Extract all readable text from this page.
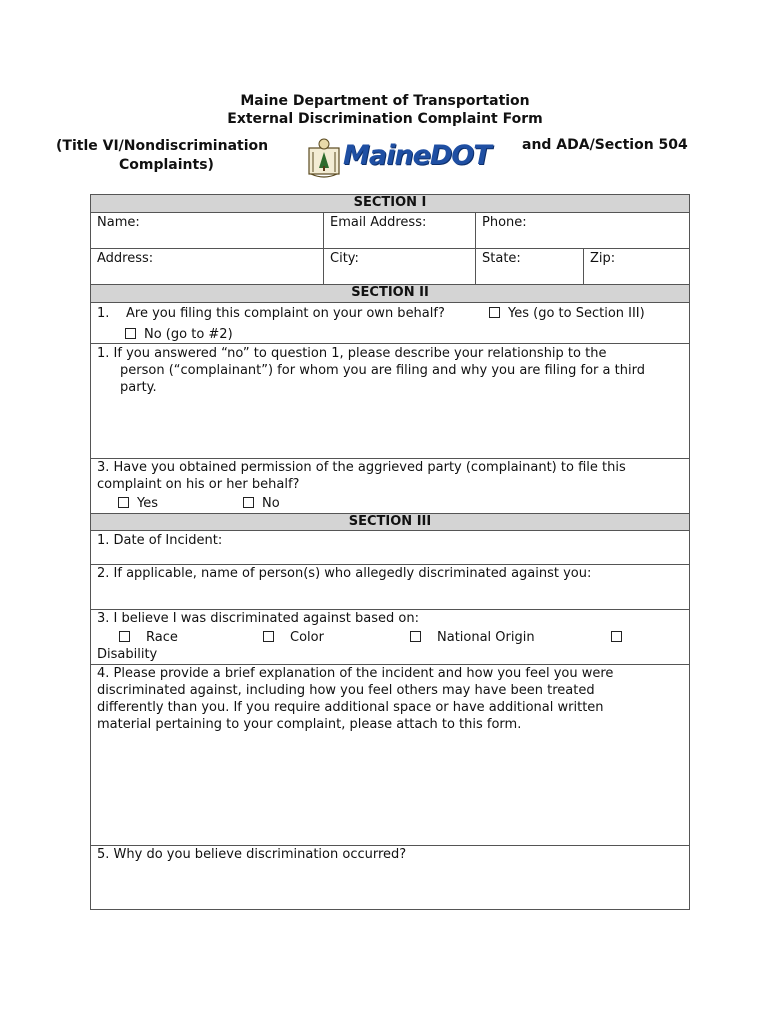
Maine Department of Transportation
External Discrimination Complaint Form
(Title VI/Nondiscrimination
Complaints)
and ADA/Section 504
MaineDOT
SECTION I
Name:	Email Address:	Phone:
Address:	City:	State:	Zip:
SECTION II
1. Are you filing this complaint on your own behalf?	Yes (go to Section III)
No (go to #2)
1. If you answered “no” to question 1, please describe your relationship to the
person (“complainant”) for whom you are filing and why you are filing for a third
party.
3. Have you obtained permission of the aggrieved party (complainant) to file this
complaint on his or her behalf?
Yes	No
SECTION III
1. Date of Incident:
2. If applicable, name of person(s) who allegedly discriminated against you:
3. I believe I was discriminated against based on:
Race	Color	National Origin
Disability
4. Please provide a brief explanation of the incident and how you feel you were
discriminated against, including how you feel others may have been treated
differently than you. If you require additional space or have additional written
material pertaining to your complaint, please attach to this form.
5. Why do you believe discrimination occurred?
